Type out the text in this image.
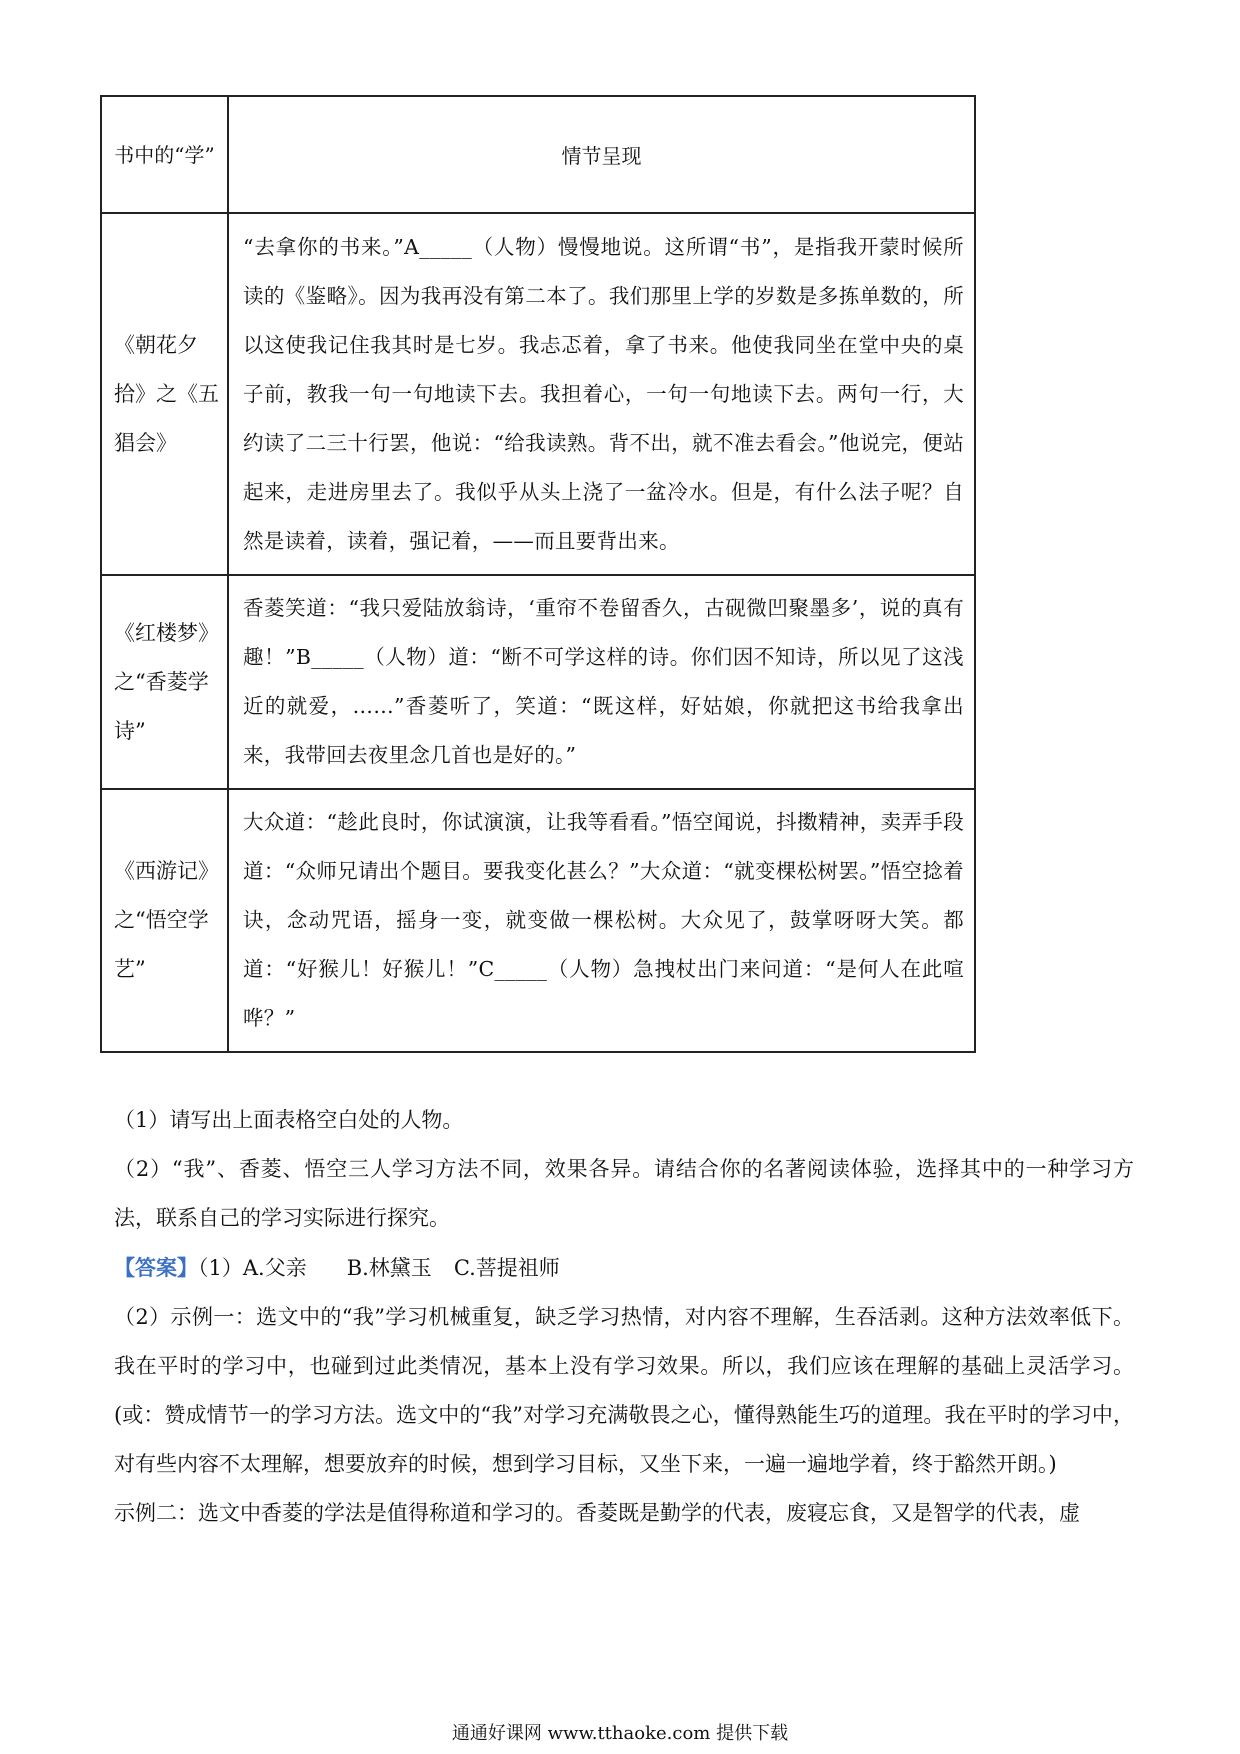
书中的“学”	情节呈现
《朝花夕拾》之《五猖会》	“去拿你的书来。”A_____（人物）慢慢地说。这所谓“书”，是指我开蒙时候所读的《鉴略》。因为我再没有第二本了。我们那里上学的岁数是多拣单数的，所以这使我记住我其时是七岁。我忐忑着，拿了书来。他使我同坐在堂中央的桌子前，教我一句一句地读下去。我担着心，一句一句地读下去。两句一行，大约读了二三十行罢，他说：“给我读熟。背不出，就不准去看会。”他说完，便站起来，走进房里去了。我似乎从头上浇了一盆冷水。但是，有什么法子呢？自然是读着，读着，强记着，——而且要背出来。
《红楼梦》之“香菱学诗”	香菱笑道：“我只爱陆放翁诗，‘重帘不卷留香久，古砚微凹聚墨多’，说的真有趣！”B_____（人物）道：“断不可学这样的诗。你们因不知诗，所以见了这浅近的就爱，……”香菱听了，笑道：“既这样，好姑娘，你就把这书给我拿出来，我带回去夜里念几首也是好的。”
《西游记》之“悟空学艺”	大众道：“趁此良时，你试演演，让我等看看。”悟空闻说，抖擞精神，卖弄手段道：“众师兄请出个题目。要我变化甚么？”大众道：“就变棵松树罢。”悟空捻着诀，念动咒语，摇身一变，就变做一棵松树。大众见了，鼓掌呀呀大笑。都道：“好猴儿！好猴儿！”C_____（人物）急拽杖出门来问道：“是何人在此喧哗？”

（1）请写出上面表格空白处的人物。

（2）“我”、香菱、悟空三人学习方法不同，效果各异。请结合你的名著阅读体验，选择其中的一种学习方法，联系自己的学习实际进行探究。

【答案】（1）A.父亲 B.林黛玉 C.菩提祖师

（2）示例一：选文中的“我”学习机械重复，缺乏学习热情，对内容不理解，生吞活剥。这种方法效率低下。我在平时的学习中，也碰到过此类情况，基本上没有学习效果。所以，我们应该在理解的基础上灵活学习。(或：赞成情节一的学习方法。选文中的“我”对学习充满敬畏之心，懂得熟能生巧的道理。我在平时的学习中，对有些内容不太理解，想要放弃的时候，想到学习目标，又坐下来，一遍一遍地学着，终于豁然开朗。)

示例二：选文中香菱的学法是值得称道和学习的。香菱既是勤学的代表，废寝忘食，又是智学的代表，虚

通通好课网 www.tthaoke.com 提供下载
